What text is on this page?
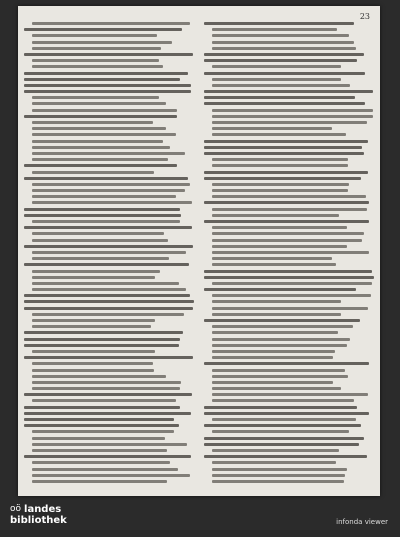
23
oö landes
bibliothek	infonda viewer
